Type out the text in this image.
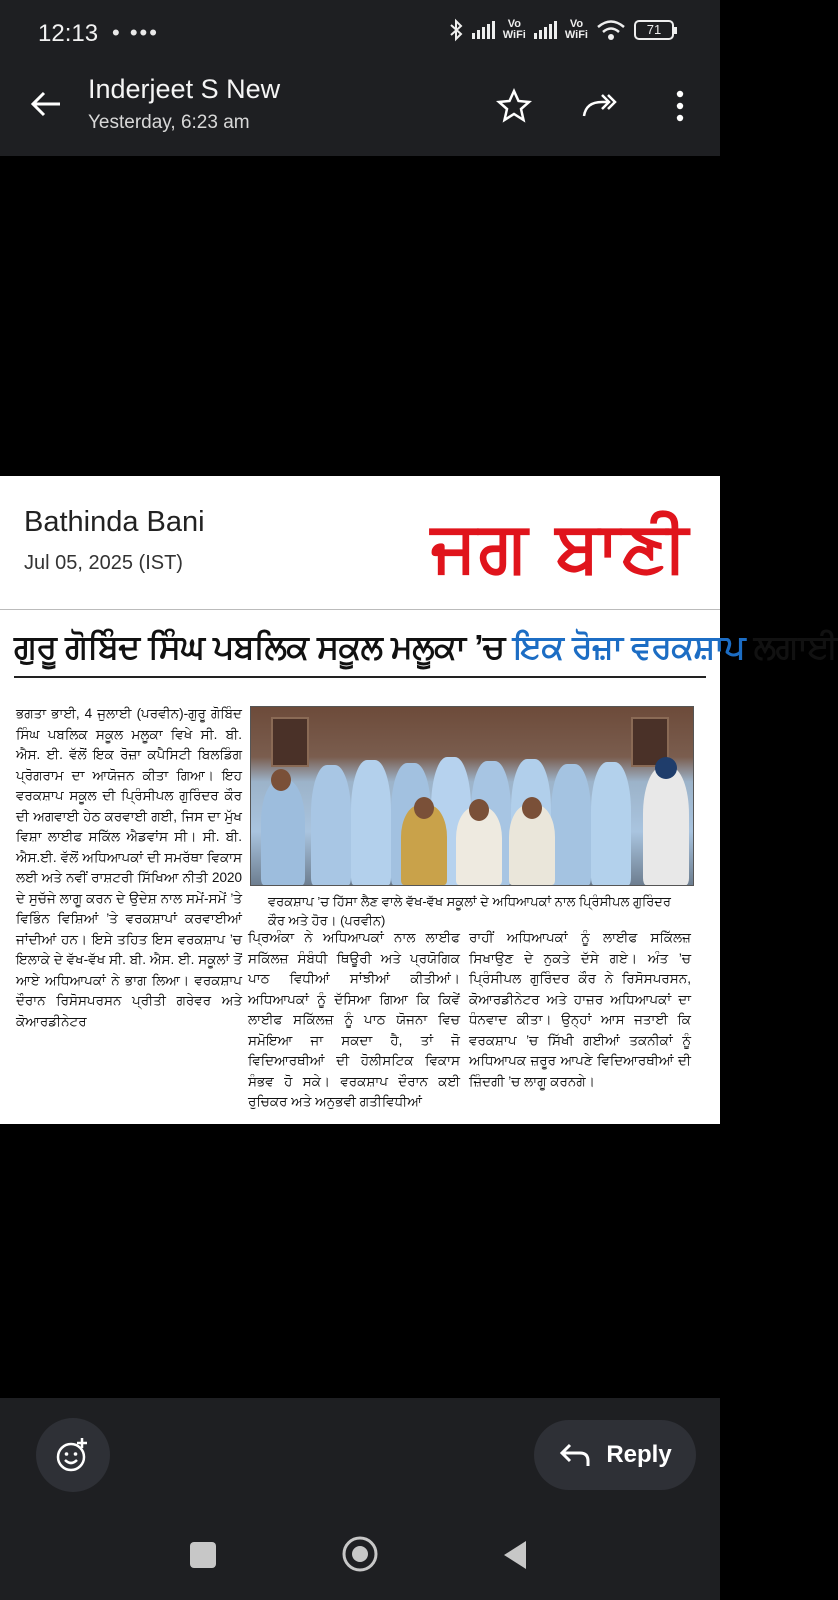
12:13 • •••	Vo
WiFi
Vo
WiFi	71
Inderjeet S New
Yesterday, 6:23 am
Bathinda Bani
Jul 05, 2025 (IST)	ਜਗ ਬਾਣੀ
ਗੁਰੂ ਗੋਬਿੰਦ ਸਿੰਘ ਪਬਲਿਕ ਸਕੂਲ ਮਲੂਕਾ ’ਚ ਇਕ ਰੋਜ਼ਾ ਵਰਕਸ਼ਾਪ ਲਗਾਈ
ਭਗਤਾ ਭਾਈ, 4 ਜੁਲਾਈ (ਪਰਵੀਨ)-ਗੁਰੂ ਗੋਬਿੰਦ ਸਿੰਘ ਪਬਲਿਕ ਸਕੂਲ ਮਲੂਕਾ ਵਿਖੇ ਸੀ. ਬੀ. ਐਸ. ਈ. ਵੱਲੋਂ ਇਕ ਰੋਜ਼ਾ ਕਪੈਸਿਟੀ ਬਿਲਡਿੰਗ ਪ੍ਰੋਗਰਾਮ ਦਾ ਆਯੋਜਨ ਕੀਤਾ ਗਿਆ। ਇਹ ਵਰਕਸ਼ਾਪ ਸਕੂਲ ਦੀ ਪ੍ਰਿੰਸੀਪਲ ਗੁਰਿੰਦਰ ਕੌਰ ਦੀ ਅਗਵਾਈ ਹੇਠ ਕਰਵਾਈ ਗਈ, ਜਿਸ ਦਾ ਮੁੱਖ ਵਿਸ਼ਾ ਲਾਈਫ ਸਕਿੱਲ ਐਡਵਾਂਸ ਸੀ। ਸੀ. ਬੀ. ਐਸ.ਈ. ਵੱਲੋਂ ਅਧਿਆਪਕਾਂ ਦੀ ਸਮਰੱਥਾ ਵਿਕਾਸ ਲਈ ਅਤੇ ਨਵੀਂ ਰਾਸ਼ਟਰੀ ਸਿੱਖਿਆ ਨੀਤੀ 2020 ਦੇ ਸੁਚੱਜੇ ਲਾਗੂ ਕਰਨ ਦੇ ਉਦੇਸ਼ ਨਾਲ ਸਮੇਂ-ਸਮੇਂ ’ਤੇ ਵਿਭਿੰਨ ਵਿਸ਼ਿਆਂ ’ਤੇ ਵਰਕਸ਼ਾਪਾਂ ਕਰਵਾਈਆਂ ਜਾਂਦੀਆਂ ਹਨ। ਇਸੇ ਤਹਿਤ ਇਸ ਵਰਕਸ਼ਾਪ ’ਚ ਇਲਾਕੇ ਦੇ ਵੱਖ-ਵੱਖ ਸੀ. ਬੀ. ਐਸ. ਈ. ਸਕੂਲਾਂ ਤੋਂ ਆਏ ਅਧਿਆਪਕਾਂ ਨੇ ਭਾਗ ਲਿਆ। ਵਰਕਸ਼ਾਪ ਦੌਰਾਨ ਰਿਸੋਸਪਰਸਨ ਪ੍ਰੀਤੀ ਗਰੇਵਰ ਅਤੇ ਕੋਆਰਡੀਨੇਟਰ
ਵਰਕਸ਼ਾਪ ’ਚ ਹਿੱਸਾ ਲੈਣ ਵਾਲੇ ਵੱਖ-ਵੱਖ ਸਕੂਲਾਂ ਦੇ ਅਧਿਆਪਕਾਂ ਨਾਲ ਪ੍ਰਿੰਸੀਪਲ ਗੁਰਿੰਦਰ ਕੌਰ ਅਤੇ ਹੋਰ। (ਪਰਵੀਨ)
ਪ੍ਰਿਅੰਕਾ ਨੇ ਅਧਿਆਪਕਾਂ ਨਾਲ ਲਾਈਫ ਸਕਿੱਲਜ਼ ਸੰਬੰਧੀ ਥਿਊਰੀ ਅਤੇ ਪ੍ਰਯੋਗਿਕ ਪਾਠ ਵਿਧੀਆਂ ਸਾਂਝੀਆਂ ਕੀਤੀਆਂ। ਅਧਿਆਪਕਾਂ ਨੂੰ ਦੱਸਿਆ ਗਿਆ ਕਿ ਕਿਵੇਂ ਲਾਈਫ ਸਕਿੱਲਜ਼ ਨੂੰ ਪਾਠ ਯੋਜਨਾ ਵਿਚ ਸਮੋਇਆ ਜਾ ਸਕਦਾ ਹੈ, ਤਾਂ ਜੋ ਵਿਦਿਆਰਥੀਆਂ ਦੀ ਹੋਲੀਸਟਿਕ ਵਿਕਾਸ ਸੰਭਵ ਹੋ ਸਕੇ। ਵਰਕਸ਼ਾਪ ਦੌਰਾਨ ਕਈ ਰੁਚਿਕਰ ਅਤੇ ਅਨੁਭਵੀ ਗਤੀਵਿਧੀਆਂ
ਰਾਹੀਂ ਅਧਿਆਪਕਾਂ ਨੂੰ ਲਾਈਫ ਸਕਿੱਲਜ਼ ਸਿਖਾਉਣ ਦੇ ਨੁਕਤੇ ਦੱਸੇ ਗਏ। ਅੰਤ ’ਚ ਪ੍ਰਿੰਸੀਪਲ ਗੁਰਿੰਦਰ ਕੌਰ ਨੇ ਰਿਸੋਸਪਰਸਨ, ਕੋਆਰਡੀਨੇਟਰ ਅਤੇ ਹਾਜ਼ਰ ਅਧਿਆਪਕਾਂ ਦਾ ਧੰਨਵਾਦ ਕੀਤਾ। ਉਨ੍ਹਾਂ ਆਸ ਜਤਾਈ ਕਿ ਵਰਕਸ਼ਾਪ ’ਚ ਸਿੱਖੀ ਗਈਆਂ ਤਕਨੀਕਾਂ ਨੂੰ ਅਧਿਆਪਕ ਜ਼ਰੂਰ ਆਪਣੇ ਵਿਦਿਆਰਥੀਆਂ ਦੀ ਜ਼ਿੰਦਗੀ ’ਚ ਲਾਗੂ ਕਰਨਗੇ।
Reply
